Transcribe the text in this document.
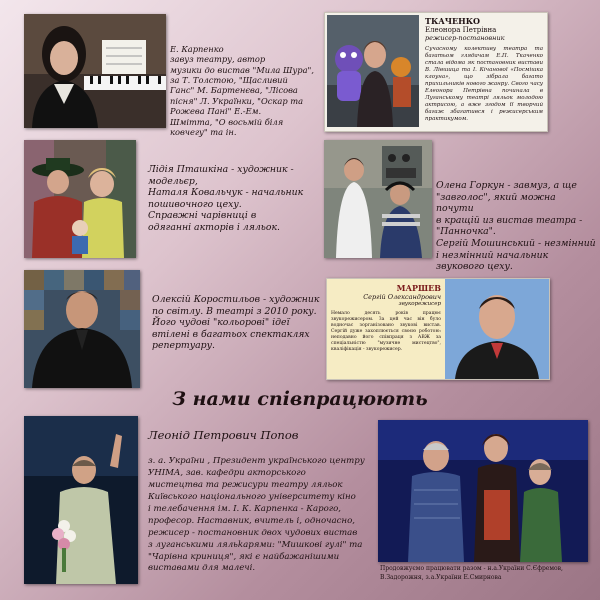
Е. Карпенко
завуз театру, автор
музики до вистав "Мила Шура",
за Т. Толстою, "Щасливий
Ганс" М. Бартенєва, "Лісова
пісня" Л. Українки, "Оскар та
Рожева Пані" Е.-Ем.
Шмітта, "О восьмій біля
ковчегу" та ін.
ТКАЧЕНКО
Елеонора Петрівна
режисер-постановник
Сучасному колективу театра та багатьом глядачам Е.П. Ткаченко стала відома як постановник вистави В. Лівшица та І. Кічанової «Посмішка клоуна», що зібрала багато прихильників нового жанру. Свого часу Елеонора Петрівна починала в Луганському театрі ляльок молодою актрисою, а вже згодом її творчий багаж збагатився і режисерським практикумом.
Лідія Пташкіна - художник - модельєр,
Наталя Ковальчук - начальник
пошивочного цеху.
Справжні чарівниці в
одяганні акторів і ляльок.
Олена Горкун - завмуз, а ще
"завголос", який можна почути
в кращій из вистав театра -
"Панночка".
Сергій Мошинський - незмінний
і незмінний начальник
звукового цеху.
Олексій Коростильов - художник
по світлу. В театрі з 2010 року.
Його чудові "кольорові" ідеї
втілені в багатьох спектаклях
репертуару.
МАРШЕВ
Сергій Олександрович
звукорежисер
Немало десять років працює звукорежисером. За цей час він було водночас зорганізовано звукові вистав. Сергій дуже захоплюється своєю роботою: неподавно його співпраця з АВЖ за спеціальністю "музичне мистецтво", кваліфікація - звукорежисер.
З нами співпрацюють
Леонід Петрович Попов
з. а. України , Президент українського центру
УНІМА, зав. кафедри акторського
мистецтва та режисури театру ляльок
Київського національного університету кіно
і телебачення ім. І. К. Карпенка - Карого,
професор. Наставник, вчитель і, одночасно,
режисер - постановник двох чудових вистав
з луганськими ляльkарями: "Мишкові гулі" та
"Чарівна криниця", які є найбажанішими
виставами для малечі.	Продовжуємо працювати разом - н.а.України С.Єфремов,
В.Задорожня, з.а.України Е.Смирнова
